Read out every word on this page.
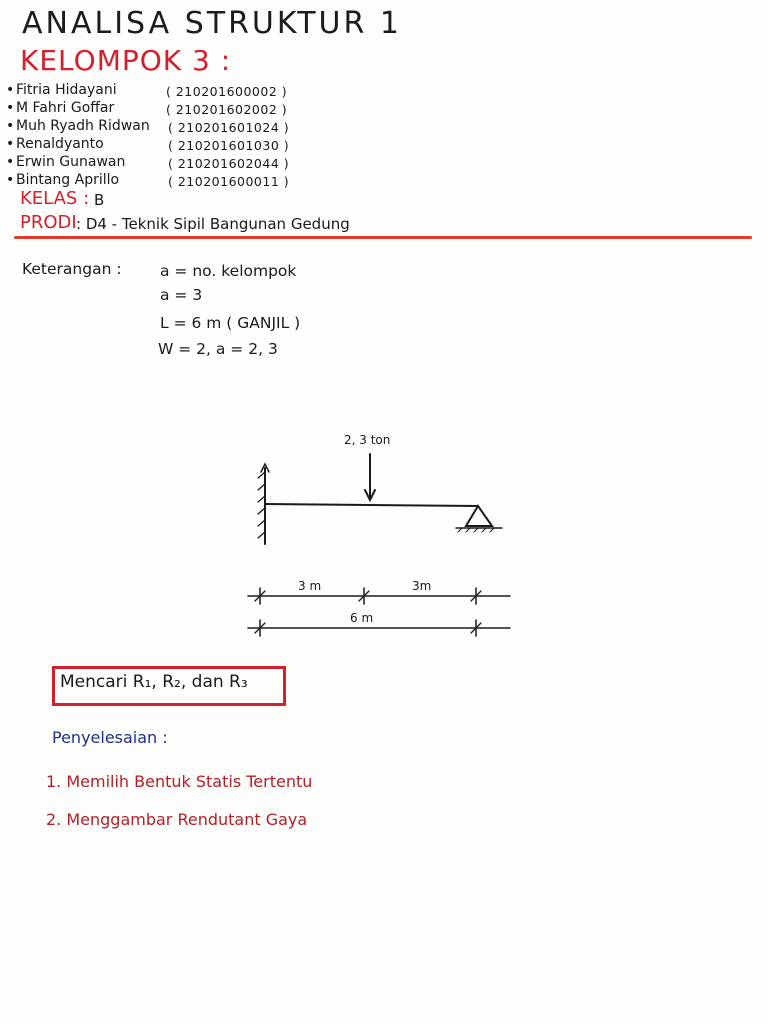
ANALISA STRUKTUR 1
KELOMPOK 3 :
• Fitria Hidayani	( 210201600002 )
• M Fahri Goffar	( 210201602002 )
• Muh Ryadh Ridwan ( 210201601024 )
• Renaldyanto	( 210201601030 )
• Erwin Gunawan	( 210201602044 )
• Bintang Aprillo	( 210201600011 )
KELAS : B
PRODI : D4 - Teknik Sipil Bangunan Gedung
Keterangan : a = no. kelompok
a = 3
L = 6 m ( GANJIL )
W = 2, a = 2, 3
2, 3 ton
3 m	3m
6 m
Mencari R₁, R₂, dan R₃
Penyelesaian :
1. Memilih Bentuk Statis Tertentu
2. Menggambar Rendutant Gaya
